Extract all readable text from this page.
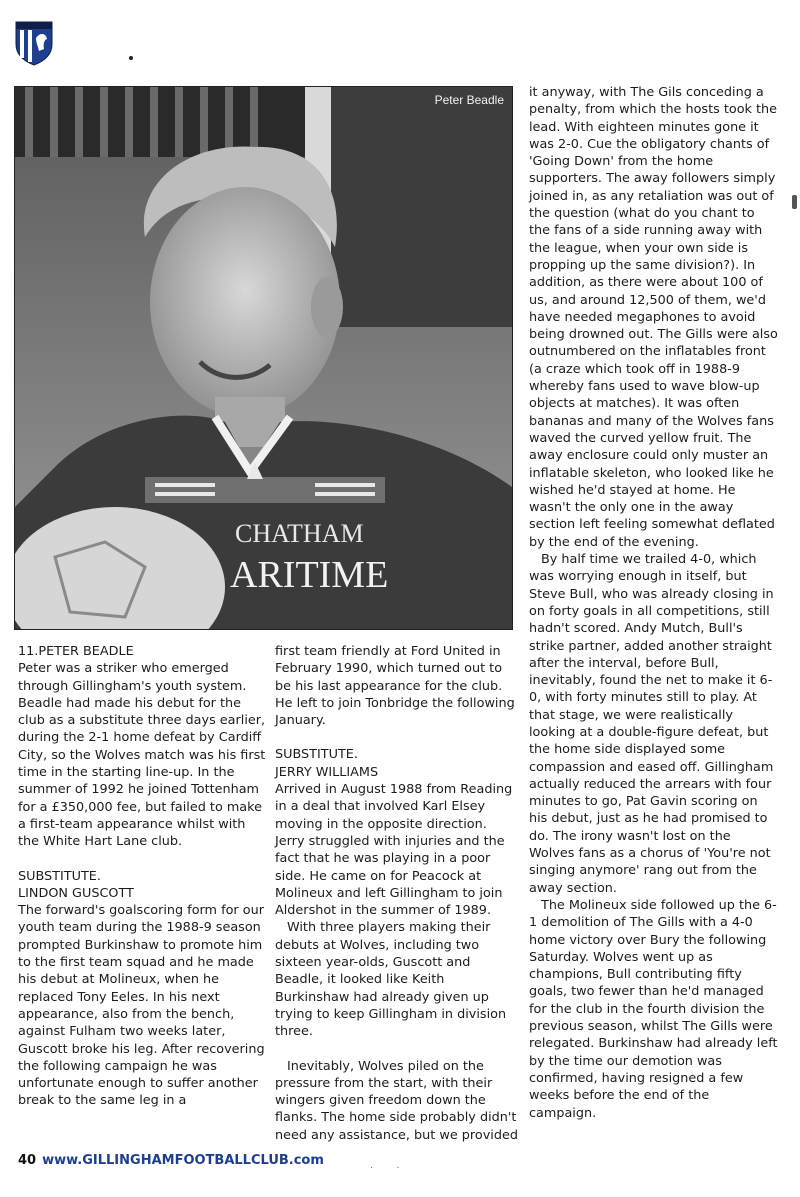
CHATHAM
ARITIME
Peter Beadle

11.PETER BEADLE

Peter was a striker who emerged through Gillingham's youth system. Beadle had made his debut for the club as a substitute three days earlier, during the 2-1 home defeat by Cardiff City, so the Wolves match was his first time in the starting line-up. In the summer of 1992 he joined Tottenham for a £350,000 fee, but failed to make a first-team appearance whilst with the White Hart Lane club.

SUBSTITUTE.

LINDON GUSCOTT

The forward's goalscoring form for our youth team during the 1988-9 season prompted Burkinshaw to promote him to the first team squad and he made his debut at Molineux, when he replaced Tony Eeles. In his next appearance, also from the bench, against Fulham two weeks later, Guscott broke his leg. After recovering the following campaign he was unfortunate enough to suffer another break to the same leg in a

first team friendly at Ford United in February 1990, which turned out to be his last appearance for the club. He left to join Tonbridge the following January.

SUBSTITUTE.

JERRY WILLIAMS

Arrived in August 1988 from Reading in a deal that involved Karl Elsey moving in the opposite direction. Jerry struggled with injuries and the fact that he was playing in a poor side. He came on for Peacock at Molineux and left Gillingham to join Aldershot in the summer of 1989.

With three players making their debuts at Wolves, including two sixteen year-olds, Guscott and Beadle, it looked like Keith Burkinshaw had already given up trying to keep Gillingham in division three.

Inevitably, Wolves piled on the pressure from the start, with their wingers given freedom down the flanks. The home side probably didn't need any assistance, but we provided

it anyway, with The Gils conceding a penalty, from which the hosts took the lead. With eighteen minutes gone it was 2-0. Cue the obligatory chants of 'Going Down' from the home supporters. The away followers simply joined in, as any retaliation was out of the question (what do you chant to the fans of a side running away with the league, when your own side is propping up the same division?). In addition, as there were about 100 of us, and around 12,500 of them, we'd have needed megaphones to avoid being drowned out. The Gills were also outnumbered on the inflatables front (a craze which took off in 1988-9 whereby fans used to wave blow-up objects at matches). It was often bananas and many of the Wolves fans waved the curved yellow fruit. The away enclosure could only muster an inflatable skeleton, who looked like he wished he'd stayed at home. He wasn't the only one in the away section left feeling somewhat deflated by the end of the evening.

By half time we trailed 4-0, which was worrying enough in itself, but Steve Bull, who was already closing in on forty goals in all competitions, still hadn't scored. Andy Mutch, Bull's strike partner, added another straight after the interval, before Bull, inevitably, found the net to make it 6-0, with forty minutes still to play. At that stage, we were realistically looking at a double-figure defeat, but the home side displayed some compassion and eased off. Gillingham actually reduced the arrears with four minutes to go, Pat Gavin scoring on his debut, just as he had promised to do. The irony wasn't lost on the Wolves fans as a chorus of 'You're not singing anymore' rang out from the away section.

The Molineux side followed up the 6-1 demolition of The Gills with a 4-0 home victory over Bury the following Saturday. Wolves went up as champions, Bull contributing fifty goals, two fewer than he'd managed for the club in the fourth division the previous season, whilst The Gills were relegated. Burkinshaw had already left by the time our demotion was confirmed, having resigned a few weeks before the end of the campaign.

40 www.GILLINGHAMFOOTBALLCLUB.com
· ·
